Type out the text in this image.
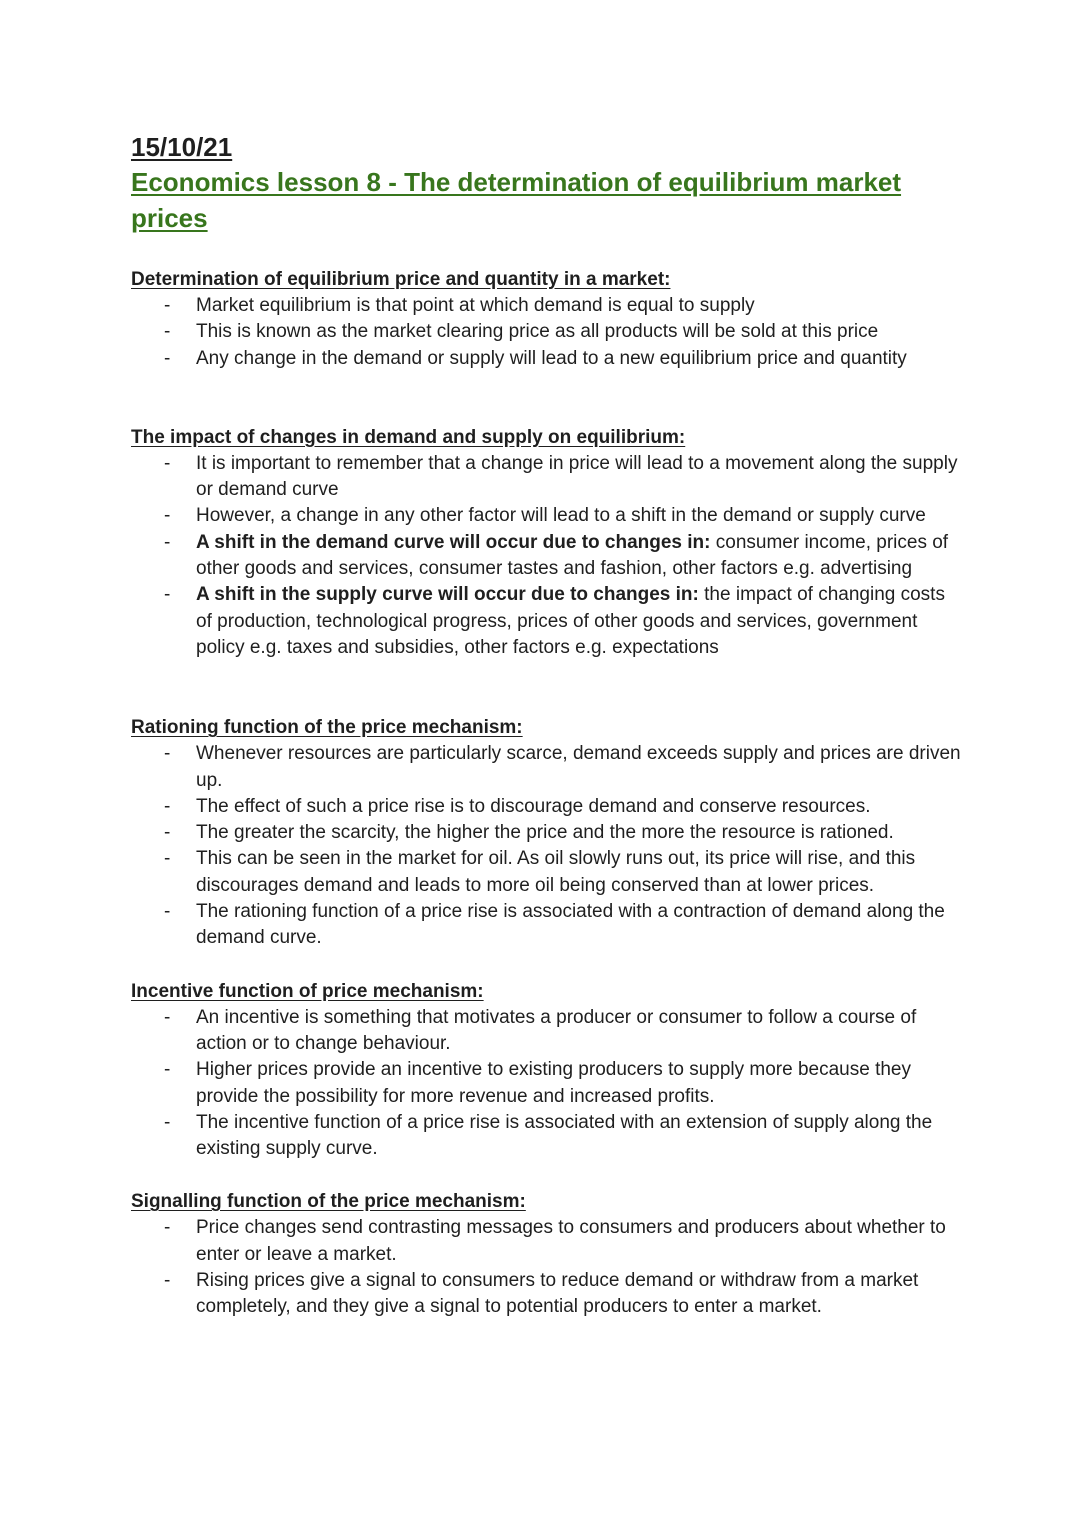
15/10/21
Economics lesson 8 - The determination of equilibrium market prices
Determination of equilibrium price and quantity in a market:
- Market equilibrium is that point at which demand is equal to supply
- This is known as the market clearing price as all products will be sold at this price
- Any change in the demand or supply will lead to a new equilibrium price and quantity
The impact of changes in demand and supply on equilibrium:
- It is important to remember that a change in price will lead to a movement along the supply or demand curve
- However, a change in any other factor will lead to a shift in the demand or supply curve
- A shift in the demand curve will occur due to changes in: consumer income, prices of other goods and services, consumer tastes and fashion, other factors e.g. advertising
- A shift in the supply curve will occur due to changes in: the impact of changing costs of production, technological progress, prices of other goods and services, government policy e.g. taxes and subsidies, other factors e.g. expectations
Rationing function of the price mechanism:
- Whenever resources are particularly scarce, demand exceeds supply and prices are driven up.
- The effect of such a price rise is to discourage demand and conserve resources.
- The greater the scarcity, the higher the price and the more the resource is rationed.
- This can be seen in the market for oil. As oil slowly runs out, its price will rise, and this discourages demand and leads to more oil being conserved than at lower prices.
- The rationing function of a price rise is associated with a contraction of demand along the demand curve.
Incentive function of price mechanism:
- An incentive is something that motivates a producer or consumer to follow a course of action or to change behaviour.
- Higher prices provide an incentive to existing producers to supply more because they provide the possibility for more revenue and increased profits.
- The incentive function of a price rise is associated with an extension of supply along the existing supply curve.
Signalling function of the price mechanism:
- Price changes send contrasting messages to consumers and producers about whether to enter or leave a market.
- Rising prices give a signal to consumers to reduce demand or withdraw from a market completely, and they give a signal to potential producers to enter a market.
